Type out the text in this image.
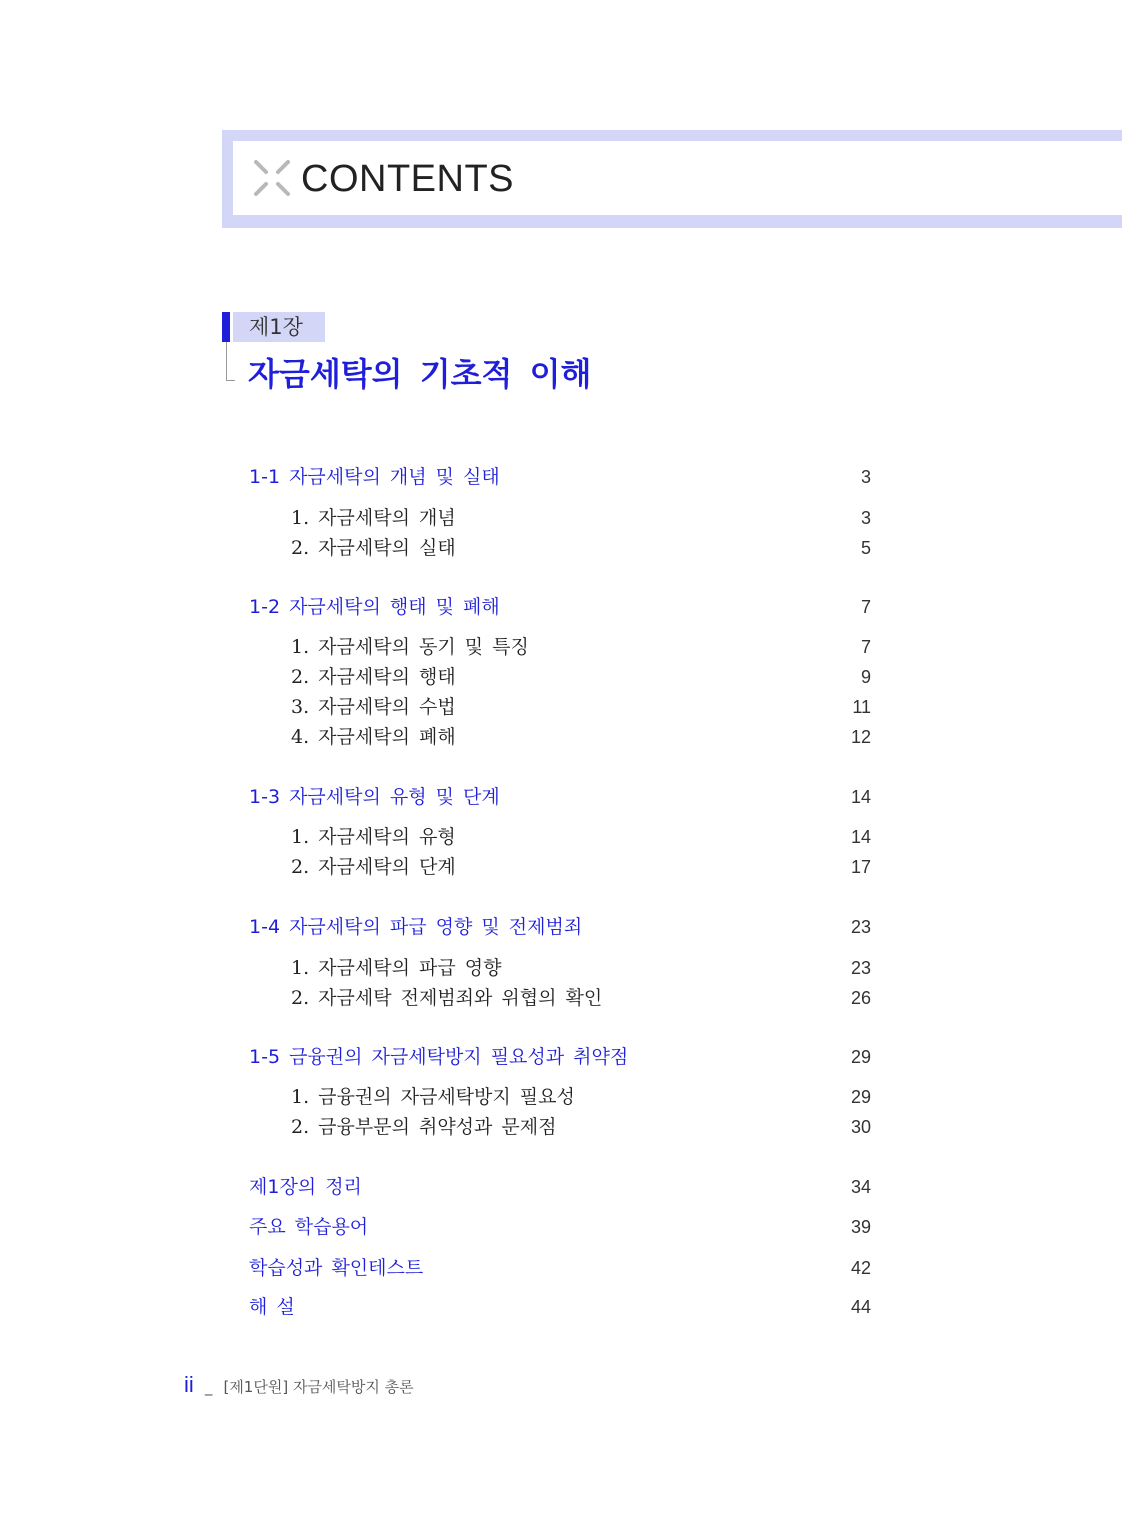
CONTENTS
제1장
자금세탁의 기초적 이해
1-1 자금세탁의 개념 및 실태	3
1. 자금세탁의 개념	3
2. 자금세탁의 실태	5
1-2 자금세탁의 행태 및 폐해	7
1. 자금세탁의 동기 및 특징	7
2. 자금세탁의 행태	9
3. 자금세탁의 수법	11
4. 자금세탁의 폐해	12
1-3 자금세탁의 유형 및 단계	14
1. 자금세탁의 유형	14
2. 자금세탁의 단계	17
1-4 자금세탁의 파급 영향 및 전제범죄	23
1. 자금세탁의 파급 영향	23
2. 자금세탁 전제범죄와 위협의 확인	26
1-5 금융권의 자금세탁방지 필요성과 취약점	29
1. 금융권의 자금세탁방지 필요성	29
2. 금융부문의 취약성과 문제점	30
제1장의 정리	34
주요 학습용어	39
학습성과 확인테스트	42
해 설	44
ii _ [제1단원] 자금세탁방지 총론
